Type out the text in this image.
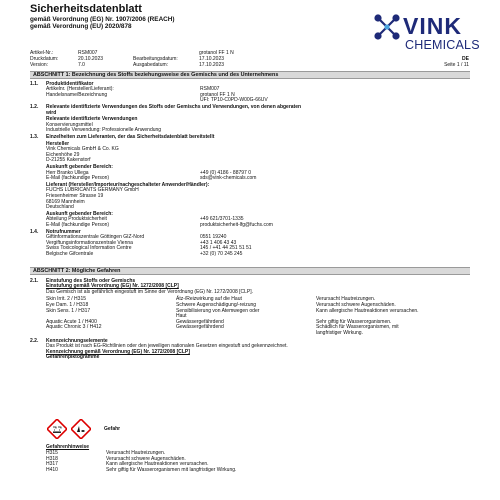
Sicherheitsdatenblatt
gemäß Verordnung (EG) Nr. 1907/2006 (REACH)
gemäß Verordnung (EU) 2020/878	VINK
CHEMICALS
Artikel-Nr.:	RSM007	grotanol FF 1 N
Druckdatum:	20.10.2023	Bearbeitungsdatum:	17.10.2023	DE
Version:	7.0	Ausgabedatum:	17.10.2023	Seite 1 / 11
ABSCHNITT 1: Bezeichnung des Stoffs beziehungsweise des Gemischs und des Unternehmens
1.1.	Produktidentifikator
Artikelnr. (Hersteller/Lieferant):	RSM007
Handelsname/Bezeichnung	grotanol FF 1 N
UFI: TP10-C0PD-W00G-66UV
1.2.	Relevante identifizierte Verwendungen des Stoffs oder Gemischs und Verwendungen, von denen abgeraten
wird
Relevante identifizierte Verwendungen
Konservierungsmittel
Industrielle Verwendung: Professionelle Anwendung
1.3.	Einzelheiten zum Lieferanten, der das Sicherheitsdatenblatt bereitstellt
Hersteller
Vink Chemicals GmbH & Co. KG
Eichenhöhe 29
D-21255 Kakenstorf
Auskunft gebender Bereich:
Herr Branko Ullega	+49 (0) 4186 - 88797 0
E-Mail (fachkundige Person)	sds@vink-chemicals.com
Lieferant (Hersteller/Importeur/nachgeschalteter Anwender/Händler):
FUCHS LUBRICANTS GERMANY GmbH
Friesenheimer Strasse 19
68169 Mannheim
Deutschland
Auskunft gebender Bereich:
Abteilung Produktsicherheit	+49 621/3701-1335
E-Mail (fachkundige Person)	produktsicherheit-lfg@fuchs.com
1.4.	Notrufnummer
Giftinformationszentrale Göttingen GIZ-Nord	0551 19240
Vergiftungsinformationszentrale Vienna	+43 1 406 43 43
Swiss Toxicological Information Centre	145 / +41 44 251 51 51
Belgische Gifcentrale	+32 (0) 70 245 245
ABSCHNITT 2: Mögliche Gefahren
2.1.	Einstufung des Stoffs oder Gemischs
Einstufung gemäß Verordnung (EG) Nr. 1272/2008 [CLP]
Das Gemisch ist als gefährlich eingestuft im Sinne der Verordnung (EG) Nr. 1272/2008 [CLP].
Skin Irrit. 2 / H315	Ätz-/Reizwirkung auf die Haut	Verursacht Hautreizungen.
Eye Dam. 1 / H318	Schwere Augenschädigung/-reizung	Verursacht schwere Augenschäden.
Skin Sens. 1 / H317	Sensibilisierung von Atemwegen oder	Kann allergische Hautreaktionen verursachen.
Haut
Aquatic Acute 1 / H400	Gewässergefährdend	Sehr giftig für Wasserorganismen.
Aquatic Chronic 3 / H412	Gewässergefährdend	Schädlich für Wasserorganismen, mit
langfristiger Wirkung.
2.2.	Kennzeichnungselemente
Das Produkt ist nach EG-Richtlinien oder den jeweiligen nationalen Gesetzen eingestuft und gekennzeichnet.
Kennzeichnung gemäß Verordnung (EG) Nr. 1272/2008 [CLP]
Gefahrenpiktogramme
Gefahr
Gefahrenhinweise
H315	Verursacht Hautreizungen.
H318	Verursacht schwere Augenschäden.
H317	Kann allergische Hautreaktionen verursachen.
H410	Sehr giftig für Wasserorganismen mit langfristiger Wirkung.
